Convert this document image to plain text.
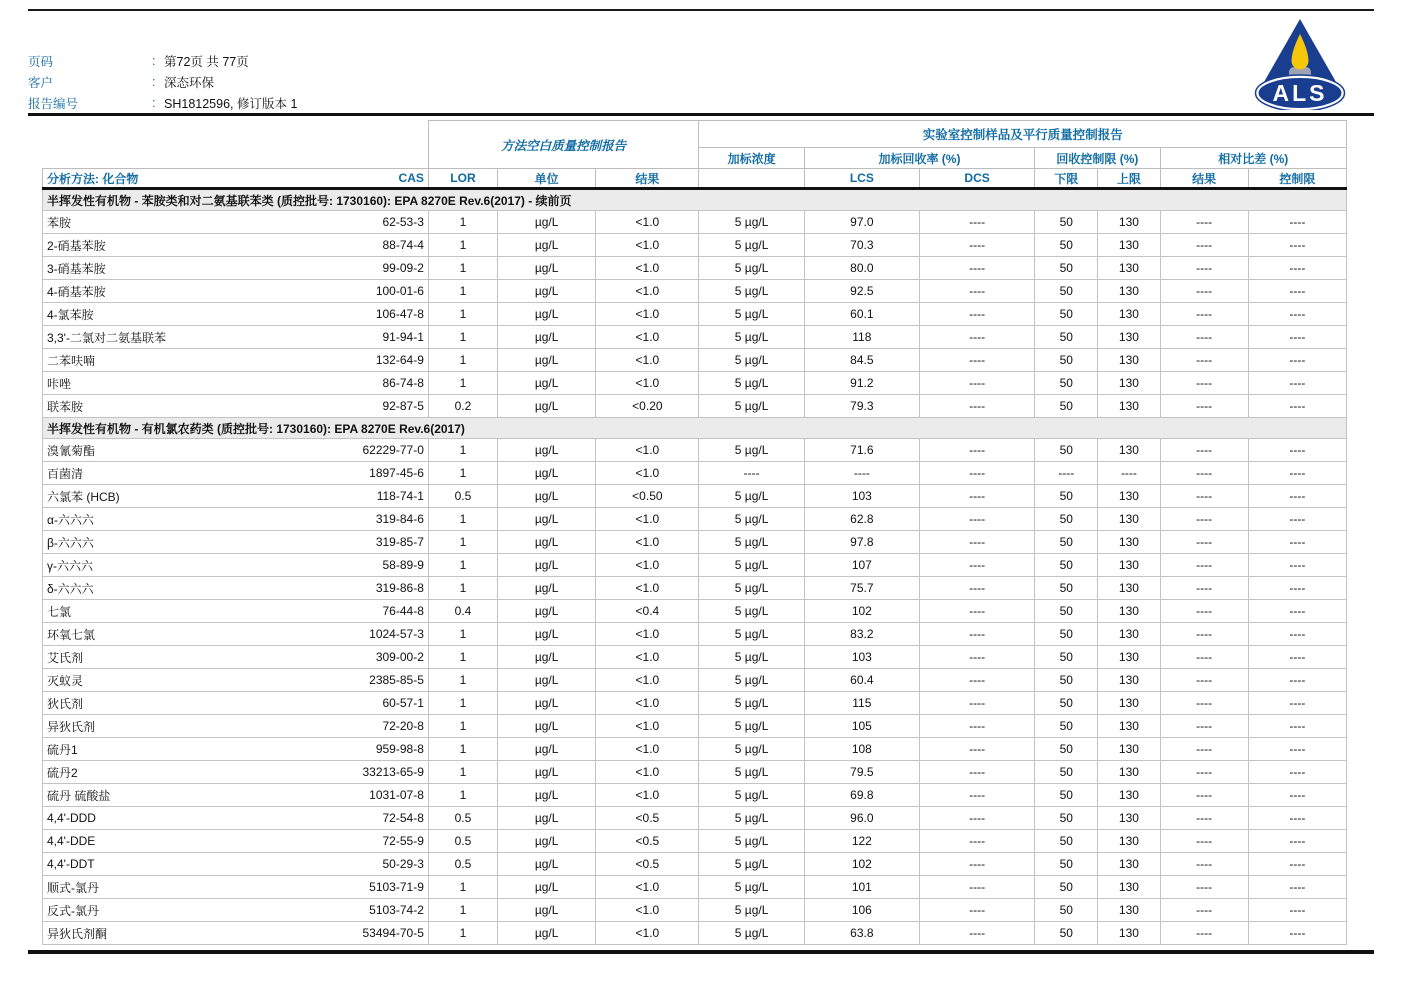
页码	: 第72页 共 77页
客户	: 深态环保
报告编号	: SH1812596, 修订版本 1	ALS
	方法空白质量控制报告			实验室控制样品及平行质量控制报告						
				加标浓度	加标回收率 (%)		回收控制限 (%)		相对比差 (%)	

分析方法: 化合物 CAS	LOR	单位	结果		LCS	DCS	下限	上限	结果	控制限
半挥发性有机物 - 苯胺类和对二氨基联苯类 (质控批号: 1730160): EPA 8270E Rev.6(2017) - 续前页										

苯胺 62-53-3	1	µg/L	<1.0	5 µg/L	97.0	----	50	130	----	----

2-硝基苯胺 88-74-4	1	µg/L	<1.0	5 µg/L	70.3	----	50	130	----	----

3-硝基苯胺 99-09-2	1	µg/L	<1.0	5 µg/L	80.0	----	50	130	----	----

4-硝基苯胺 100-01-6	1	µg/L	<1.0	5 µg/L	92.5	----	50	130	----	----

4-氯苯胺 106-47-8	1	µg/L	<1.0	5 µg/L	60.1	----	50	130	----	----

3,3'-二氯对二氨基联苯 91-94-1	1	µg/L	<1.0	5 µg/L	118	----	50	130	----	----

二苯呋喃 132-64-9	1	µg/L	<1.0	5 µg/L	84.5	----	50	130	----	----

咔唑 86-74-8	1	µg/L	<1.0	5 µg/L	91.2	----	50	130	----	----

联苯胺 92-87-5	0.2	µg/L	<0.20	5 µg/L	79.3	----	50	130	----	----
半挥发性有机物 - 有机氯农药类 (质控批号: 1730160): EPA 8270E Rev.6(2017)										

溴氰菊酯 62229-77-0	1	µg/L	<1.0	5 µg/L	71.6	----	50	130	----	----

百菌清 1897-45-6	1	µg/L	<1.0	----	----	----	----	----	----	----

六氯苯 (HCB) 118-74-1	0.5	µg/L	<0.50	5 µg/L	103	----	50	130	----	----

α-六六六 319-84-6	1	µg/L	<1.0	5 µg/L	62.8	----	50	130	----	----

β-六六六 319-85-7	1	µg/L	<1.0	5 µg/L	97.8	----	50	130	----	----

γ-六六六 58-89-9	1	µg/L	<1.0	5 µg/L	107	----	50	130	----	----

δ-六六六 319-86-8	1	µg/L	<1.0	5 µg/L	75.7	----	50	130	----	----

七氯 76-44-8	0.4	µg/L	<0.4	5 µg/L	102	----	50	130	----	----

环氧七氯 1024-57-3	1	µg/L	<1.0	5 µg/L	83.2	----	50	130	----	----

艾氏剂 309-00-2	1	µg/L	<1.0	5 µg/L	103	----	50	130	----	----

灭蚁灵 2385-85-5	1	µg/L	<1.0	5 µg/L	60.4	----	50	130	----	----

狄氏剂 60-57-1	1	µg/L	<1.0	5 µg/L	115	----	50	130	----	----

异狄氏剂 72-20-8	1	µg/L	<1.0	5 µg/L	105	----	50	130	----	----

硫丹1 959-98-8	1	µg/L	<1.0	5 µg/L	108	----	50	130	----	----

硫丹2 33213-65-9	1	µg/L	<1.0	5 µg/L	79.5	----	50	130	----	----

硫丹 硫酸盐 1031-07-8	1	µg/L	<1.0	5 µg/L	69.8	----	50	130	----	----

4,4'-DDD 72-54-8	0.5	µg/L	<0.5	5 µg/L	96.0	----	50	130	----	----

4,4'-DDE 72-55-9	0.5	µg/L	<0.5	5 µg/L	122	----	50	130	----	----

4,4'-DDT 50-29-3	0.5	µg/L	<0.5	5 µg/L	102	----	50	130	----	----

顺式-氯丹 5103-71-9	1	µg/L	<1.0	5 µg/L	101	----	50	130	----	----

反式-氯丹 5103-74-2	1	µg/L	<1.0	5 µg/L	106	----	50	130	----	----

异狄氏剂酮 53494-70-5	1	µg/L	<1.0	5 µg/L	63.8	----	50	130	----	----
